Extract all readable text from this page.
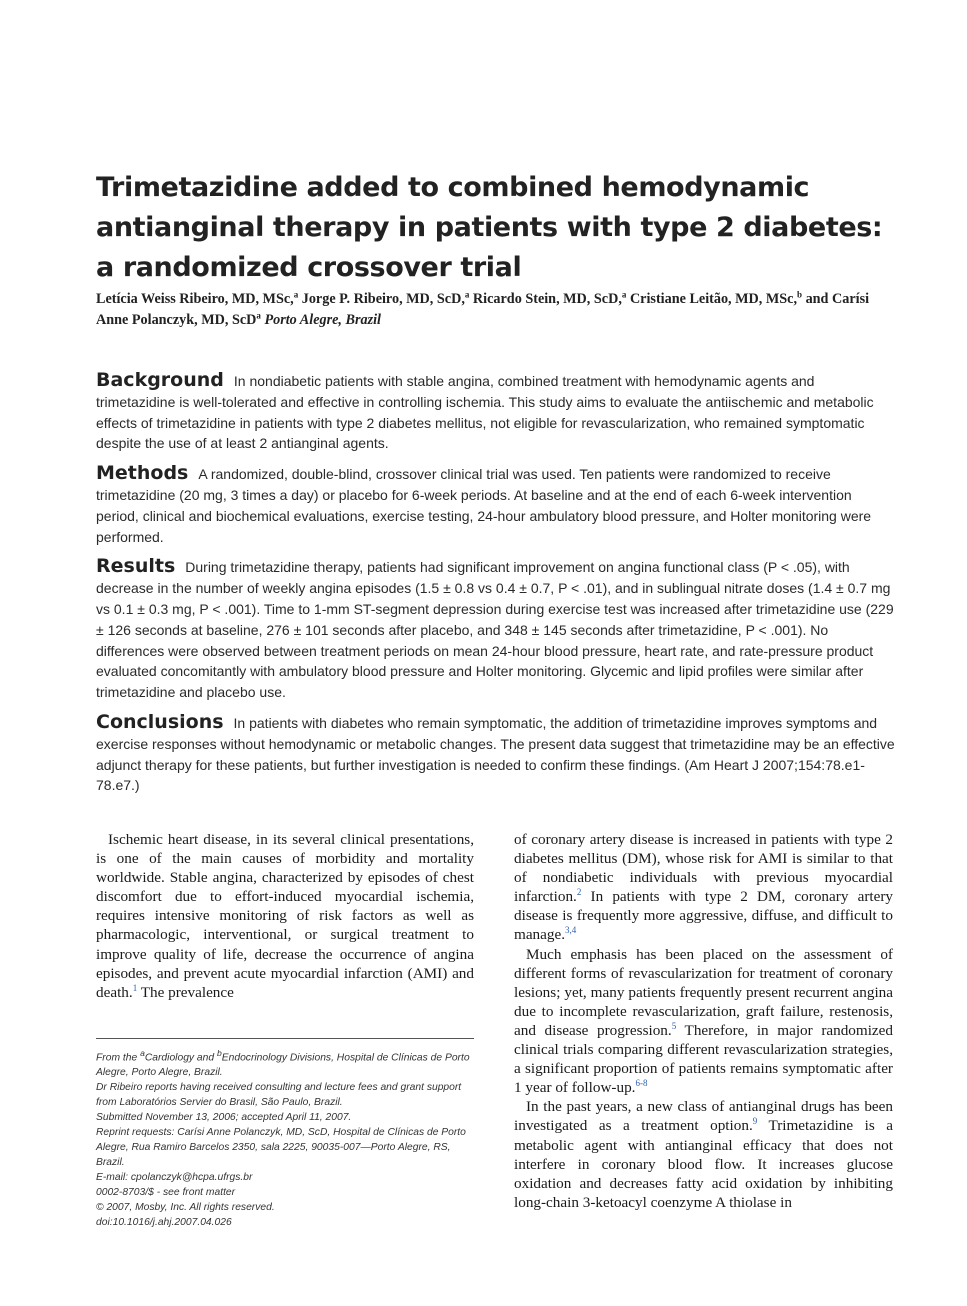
Trimetazidine added to combined hemodynamic antianginal therapy in patients with type 2 diabetes: a randomized crossover trial
Letícia Weiss Ribeiro, MD, MSc,$^a$ Jorge P. Ribeiro, MD, ScD,$^a$ Ricardo Stein, MD, ScD,$^a$ Cristiane Leitão, MD, MSc,$^b$ and Carísi Anne Polanczyk, MD, ScD$^a$ Porto Alegre, Brazil

Background In nondiabetic patients with stable angina, combined treatment with hemodynamic agents and trimetazidine is well-tolerated and effective in controlling ischemia. This study aims to evaluate the antiischemic and metabolic effects of trimetazidine in patients with type 2 diabetes mellitus, not eligible for revascularization, who remained symptomatic despite the use of at least 2 antianginal agents.

Methods A randomized, double-blind, crossover clinical trial was used. Ten patients were randomized to receive trimetazidine (20 mg, 3 times a day) or placebo for 6-week periods. At baseline and at the end of each 6-week intervention period, clinical and biochemical evaluations, exercise testing, 24-hour ambulatory blood pressure, and Holter monitoring were performed.

Results During trimetazidine therapy, patients had significant improvement on angina functional class (P < .05), with decrease in the number of weekly angina episodes (1.5 ± 0.8 vs 0.4 ± 0.7, P < .01), and in sublingual nitrate doses (1.4 ± 0.7 mg vs 0.1 ± 0.3 mg, P < .001). Time to 1-mm ST-segment depression during exercise test was increased after trimetazidine use (229 ± 126 seconds at baseline, 276 ± 101 seconds after placebo, and 348 ± 145 seconds after trimetazidine, P < .001). No differences were observed between treatment periods on mean 24-hour blood pressure, heart rate, and rate-pressure product evaluated concomitantly with ambulatory blood pressure and Holter monitoring. Glycemic and lipid profiles were similar after trimetazidine and placebo use.

Conclusions In patients with diabetes who remain symptomatic, the addition of trimetazidine improves symptoms and exercise responses without hemodynamic or metabolic changes. The present data suggest that trimetazidine may be an effective adjunct therapy for these patients, but further investigation is needed to confirm these findings. (Am Heart J 2007;154:78.e1-78.e7.)

Ischemic heart disease, in its several clinical presentations, is one of the main causes of morbidity and mortality worldwide. Stable angina, characterized by episodes of chest discomfort due to effort-induced myocardial ischemia, requires intensive monitoring of risk factors as well as pharmacologic, interventional, or surgical treatment to improve quality of life, decrease the occurrence of angina episodes, and prevent acute myocardial infarction (AMI) and death.$^1$ The prevalence

of coronary artery disease is increased in patients with type 2 diabetes mellitus (DM), whose risk for AMI is similar to that of nondiabetic individuals with previous myocardial infarction.$^2$ In patients with type 2 DM, coronary artery disease is frequently more aggressive, diffuse, and difficult to manage.$^{3,4}$

Much emphasis has been placed on the assessment of different forms of revascularization for treatment of coronary lesions; yet, many patients frequently present recurrent angina due to incomplete revascularization, graft failure, restenosis, and disease progression.$^5$ Therefore, in major randomized clinical trials comparing different revascularization strategies, a significant proportion of patients remains symptomatic after 1 year of follow-up.$^{6-8}$

In the past years, a new class of antianginal drugs has been investigated as a treatment option.$^9$ Trimetazidine is a metabolic agent with antianginal efficacy that does not interfere in coronary blood flow. It increases glucose oxidation and decreases fatty acid oxidation by inhibiting long-chain 3-ketoacyl coenzyme A thiolase in

From the $^a$Cardiology and $^b$Endocrinology Divisions, Hospital de Clínicas de Porto Alegre, Porto Alegre, Brazil.

Dr Ribeiro reports having received consulting and lecture fees and grant support from Laboratórios Servier do Brasil, São Paulo, Brazil.

Submitted November 13, 2006; accepted April 11, 2007.

Reprint requests: Carísi Anne Polanczyk, MD, ScD, Hospital de Clínicas de Porto Alegre, Rua Ramiro Barcelos 2350, sala 2225, 90035-007—Porto Alegre, RS, Brazil.

E-mail: cpolanczyk@hcpa.ufrgs.br

0002-8703/$ - see front matter

© 2007, Mosby, Inc. All rights reserved.

doi:10.1016/j.ahj.2007.04.026
